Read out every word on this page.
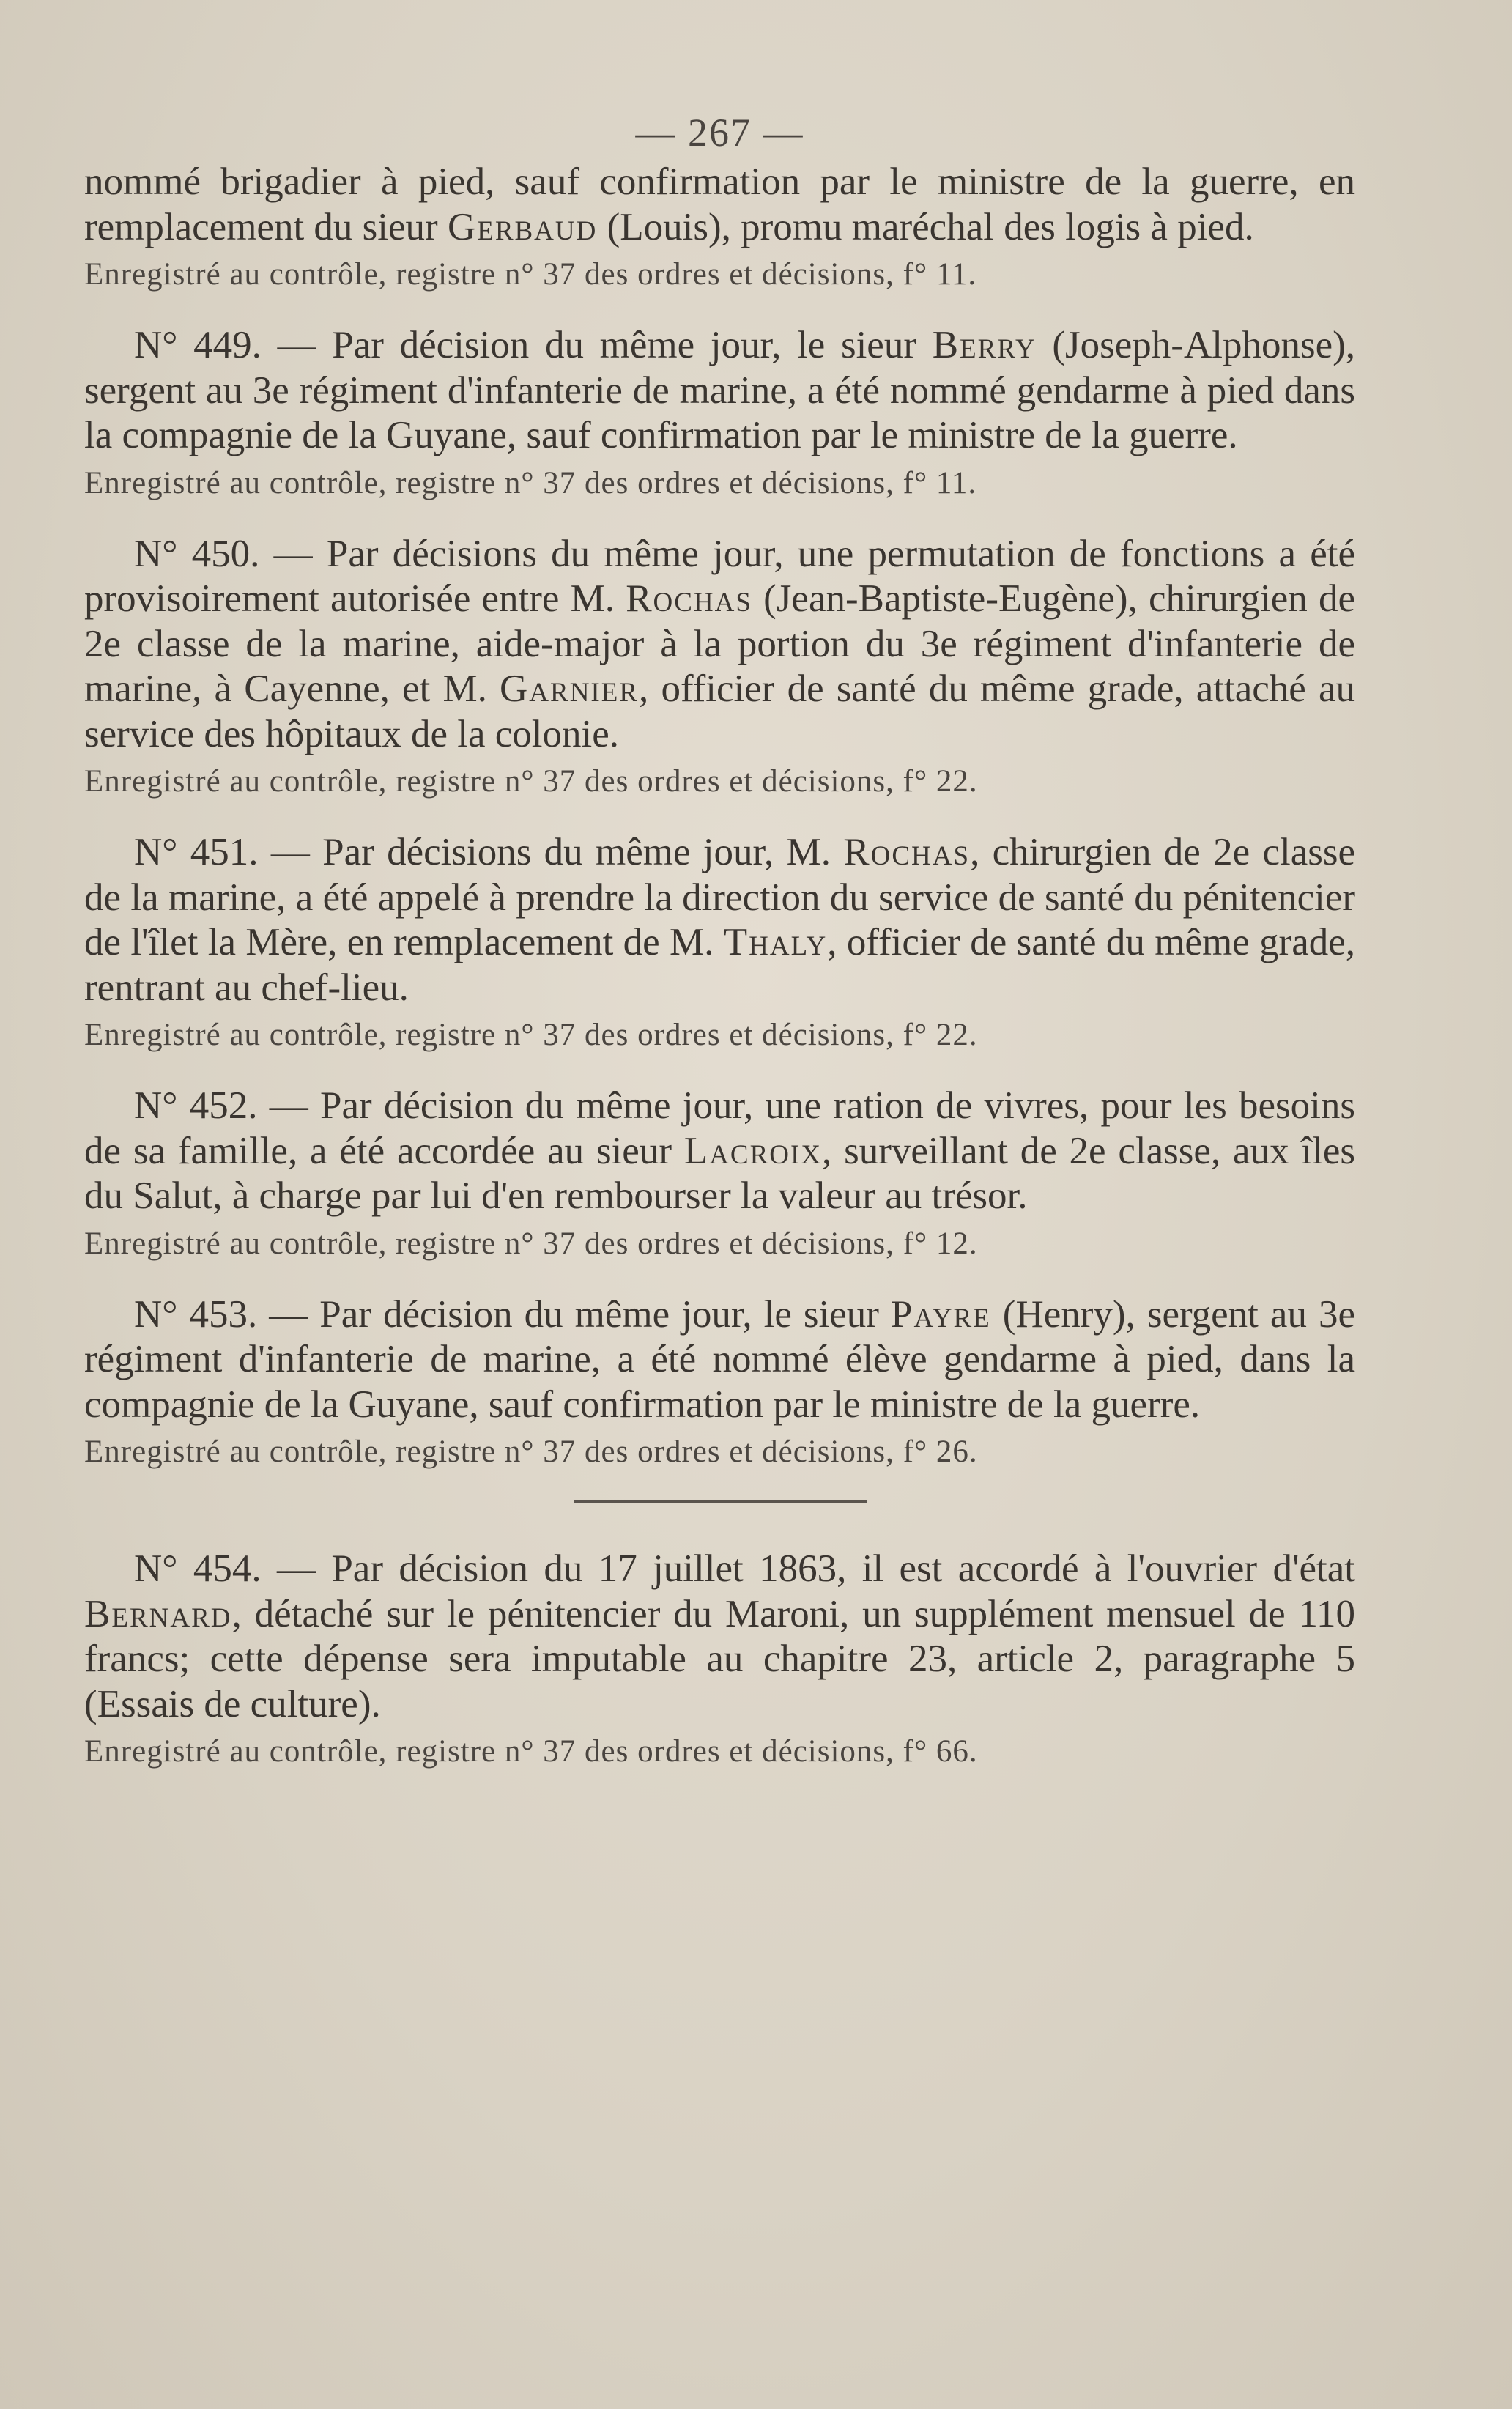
— 267 —

nommé brigadier à pied, sauf confirmation par le ministre de la guerre, en remplacement du sieur Gerbaud (Louis), promu maréchal des logis à pied.

Enregistré au contrôle, registre n° 37 des ordres et décisions, f° 11.

N° 449. — Par décision du même jour, le sieur Berry (Joseph-Alphonse), sergent au 3e régiment d'infanterie de marine, a été nommé gendarme à pied dans la compagnie de la Guyane, sauf confirmation par le ministre de la guerre.

Enregistré au contrôle, registre n° 37 des ordres et décisions, f° 11.

N° 450. — Par décisions du même jour, une permutation de fonctions a été provisoirement autorisée entre M. Rochas (Jean-Baptiste-Eugène), chirurgien de 2e classe de la marine, aide-major à la portion du 3e régiment d'infanterie de marine, à Cayenne, et M. Garnier, officier de santé du même grade, attaché au service des hôpitaux de la colonie.

Enregistré au contrôle, registre n° 37 des ordres et décisions, f° 22.

N° 451. — Par décisions du même jour, M. Rochas, chirurgien de 2e classe de la marine, a été appelé à prendre la direction du service de santé du pénitencier de l'îlet la Mère, en remplacement de M. Thaly, officier de santé du même grade, rentrant au chef-lieu.

Enregistré au contrôle, registre n° 37 des ordres et décisions, f° 22.

N° 452. — Par décision du même jour, une ration de vivres, pour les besoins de sa famille, a été accordée au sieur Lacroix, surveillant de 2e classe, aux îles du Salut, à charge par lui d'en rembourser la valeur au trésor.

Enregistré au contrôle, registre n° 37 des ordres et décisions, f° 12.

N° 453. — Par décision du même jour, le sieur Payre (Henry), sergent au 3e régiment d'infanterie de marine, a été nommé élève gendarme à pied, dans la compagnie de la Guyane, sauf confirmation par le ministre de la guerre.

Enregistré au contrôle, registre n° 37 des ordres et décisions, f° 26.

N° 454. — Par décision du 17 juillet 1863, il est accordé à l'ouvrier d'état Bernard, détaché sur le pénitencier du Maroni, un supplément mensuel de 110 francs; cette dépense sera imputable au chapitre 23, article 2, paragraphe 5 (Essais de culture).

Enregistré au contrôle, registre n° 37 des ordres et décisions, f° 66.
